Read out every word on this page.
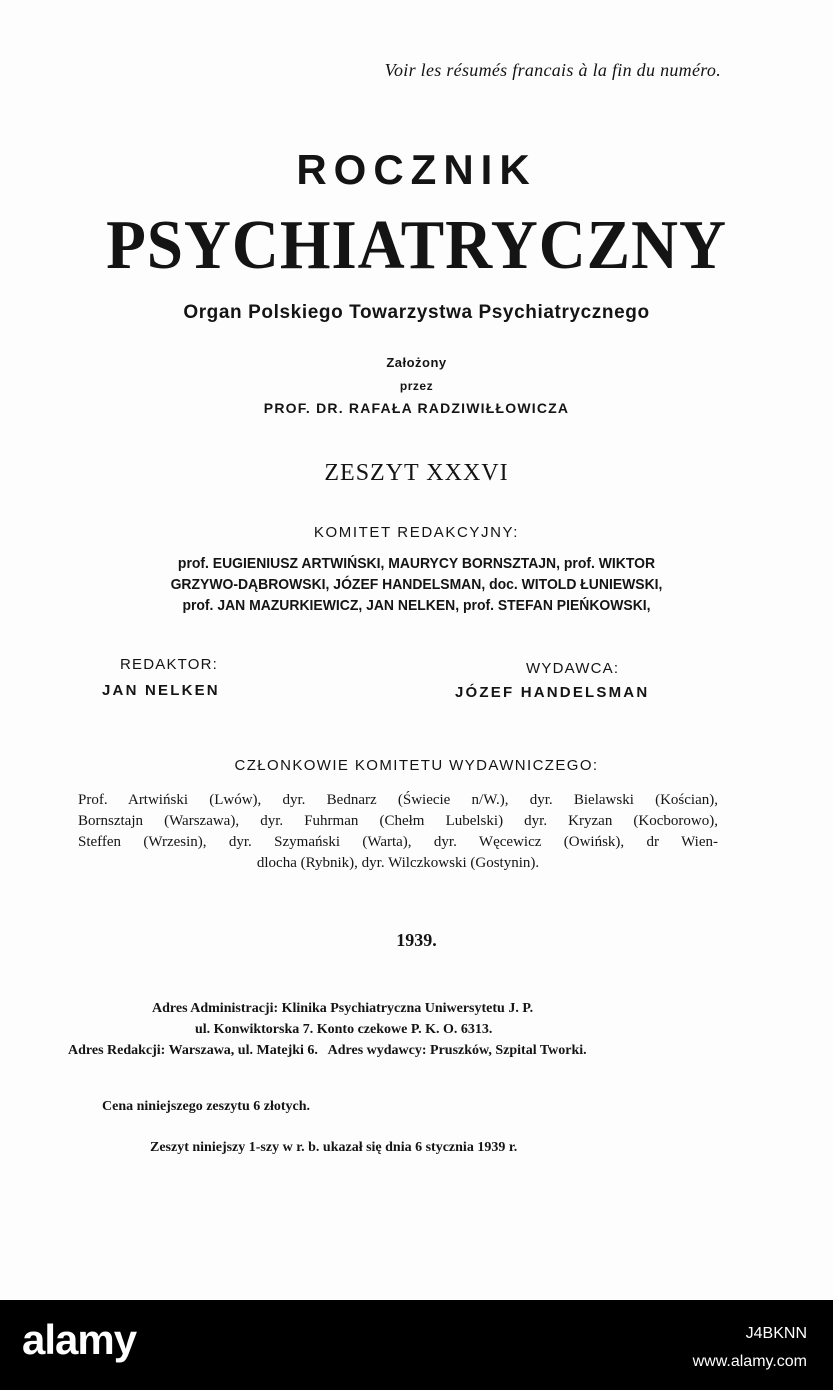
Voir les résumés francais à la fin du numéro.
ROCZNIK
PSYCHIATRYCZNY
Organ Polskiego Towarzystwa Psychiatrycznego
Założony
przez
PROF. DR. RAFAŁA RADZIWIŁŁOWICZA
ZESZYT XXXVI
KOMITET REDAKCYJNY:
prof. EUGIENIUSZ ARTWIŃSKI, MAURYCY BORNSZTAJN, prof. WIKTOR
GRZYWO-DĄBROWSKI, JÓZEF HANDELSMAN, doc. WITOLD ŁUNIEWSKI,
prof. JAN MAZURKIEWICZ, JAN NELKEN, prof. STEFAN PIEŃKOWSKI,
REDAKTOR:
JAN NELKEN
WYDAWCA:
JÓZEF HANDELSMAN
CZŁONKOWIE KOMITETU WYDAWNICZEGO:
Prof. Artwiński (Lwów), dyr. Bednarz (Świecie n/W.), dyr. Bielawski (Kościan),
Bornsztajn (Warszawa), dyr. Fuhrman (Chełm Lubelski) dyr. Kryzan (Kocborowo),
Steffen (Wrzesin), dyr. Szymański (Warta), dyr. Węcewicz (Owińsk), dr Wien-
dlocha (Rybnik), dyr. Wilczkowski (Gostynin).
1939.
Adres Administracji: Klinika Psychiatryczna Uniwersytetu J. P.
ul. Konwiktorska 7. Konto czekowe P. K. O. 6313.
Adres Redakcji: Warszawa, ul. Matejki 6.   Adres wydawcy: Pruszków, Szpital Tworki.
Cena niniejszego zeszytu 6 złotych.
Zeszyt niniejszy 1-szy w r. b. ukazał się dnia 6 stycznia 1939 r.
alamy	J4BKNN
www.alamy.com
